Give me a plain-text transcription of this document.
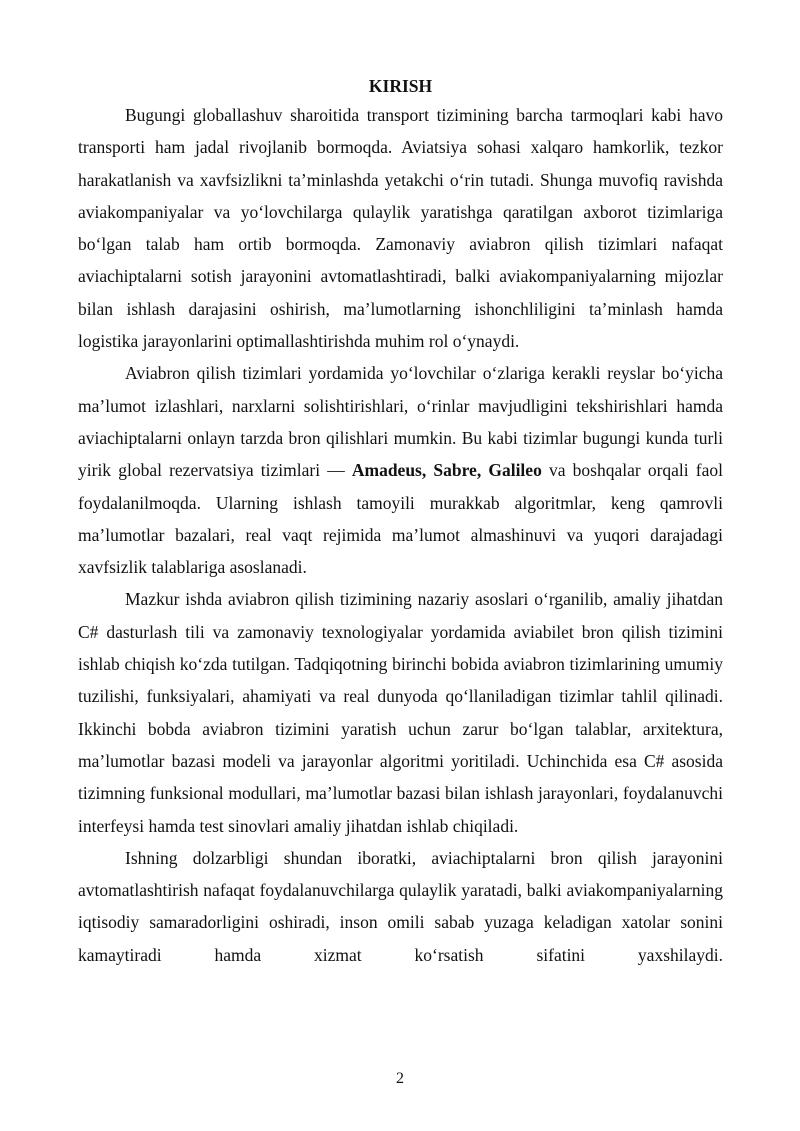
KIRISH

Bugungi globallashuv sharoitida transport tizimining barcha tarmoqlari kabi havo transporti ham jadal rivojlanib bormoqda. Aviatsiya sohasi xalqaro hamkorlik, tezkor harakatlanish va xavfsizlikni ta’minlashda yetakchi o‘rin tutadi. Shunga muvofiq ravishda aviakompaniyalar va yo‘lovchilarga qulaylik yaratishga qaratilgan axborot tizimlariga bo‘lgan talab ham ortib bormoqda. Zamonaviy aviabron qilish tizimlari nafaqat aviachiptalarni sotish jarayonini avtomatlashtiradi, balki aviakompaniyalarning mijozlar bilan ishlash darajasini oshirish, ma’lumotlarning ishonchliligini ta’minlash hamda logistika jarayonlarini optimallashtirishda muhim rol o‘ynaydi.

Aviabron qilish tizimlari yordamida yo‘lovchilar o‘zlariga kerakli reyslar bo‘yicha ma’lumot izlashlari, narxlarni solishtirishlari, o‘rinlar mavjudligini tekshirishlari hamda aviachiptalarni onlayn tarzda bron qilishlari mumkin. Bu kabi tizimlar bugungi kunda turli yirik global rezervatsiya tizimlari — Amadeus, Sabre, Galileo va boshqalar orqali faol foydalanilmoqda. Ularning ishlash tamoyili murakkab algoritmlar, keng qamrovli ma’lumotlar bazalari, real vaqt rejimida ma’lumot almashinuvi va yuqori darajadagi xavfsizlik talablariga asoslanadi.

Mazkur ishda aviabron qilish tizimining nazariy asoslari o‘rganilib, amaliy jihatdan C# dasturlash tili va zamonaviy texnologiyalar yordamida aviabilet bron qilish tizimini ishlab chiqish ko‘zda tutilgan. Tadqiqotning birinchi bobida aviabron tizimlarining umumiy tuzilishi, funksiyalari, ahamiyati va real dunyoda qo‘llaniladigan tizimlar tahlil qilinadi. Ikkinchi bobda aviabron tizimini yaratish uchun zarur bo‘lgan talablar, arxitektura, ma’lumotlar bazasi modeli va jarayonlar algoritmi yoritiladi. Uchinchida esa C# asosida tizimning funksional modullari, ma’lumotlar bazasi bilan ishlash jarayonlari, foydalanuvchi interfeysi hamda test sinovlari amaliy jihatdan ishlab chiqiladi.

Ishning dolzarbligi shundan iboratki, aviachiptalarni bron qilish jarayonini avtomatlashtirish nafaqat foydalanuvchilarga qulaylik yaratadi, balki aviakompaniyalarning iqtisodiy samaradorligini oshiradi, inson omili sabab yuzaga keladigan xatolar sonini kamaytiradi hamda xizmat ko‘rsatish sifatini yaxshilaydi.

2
